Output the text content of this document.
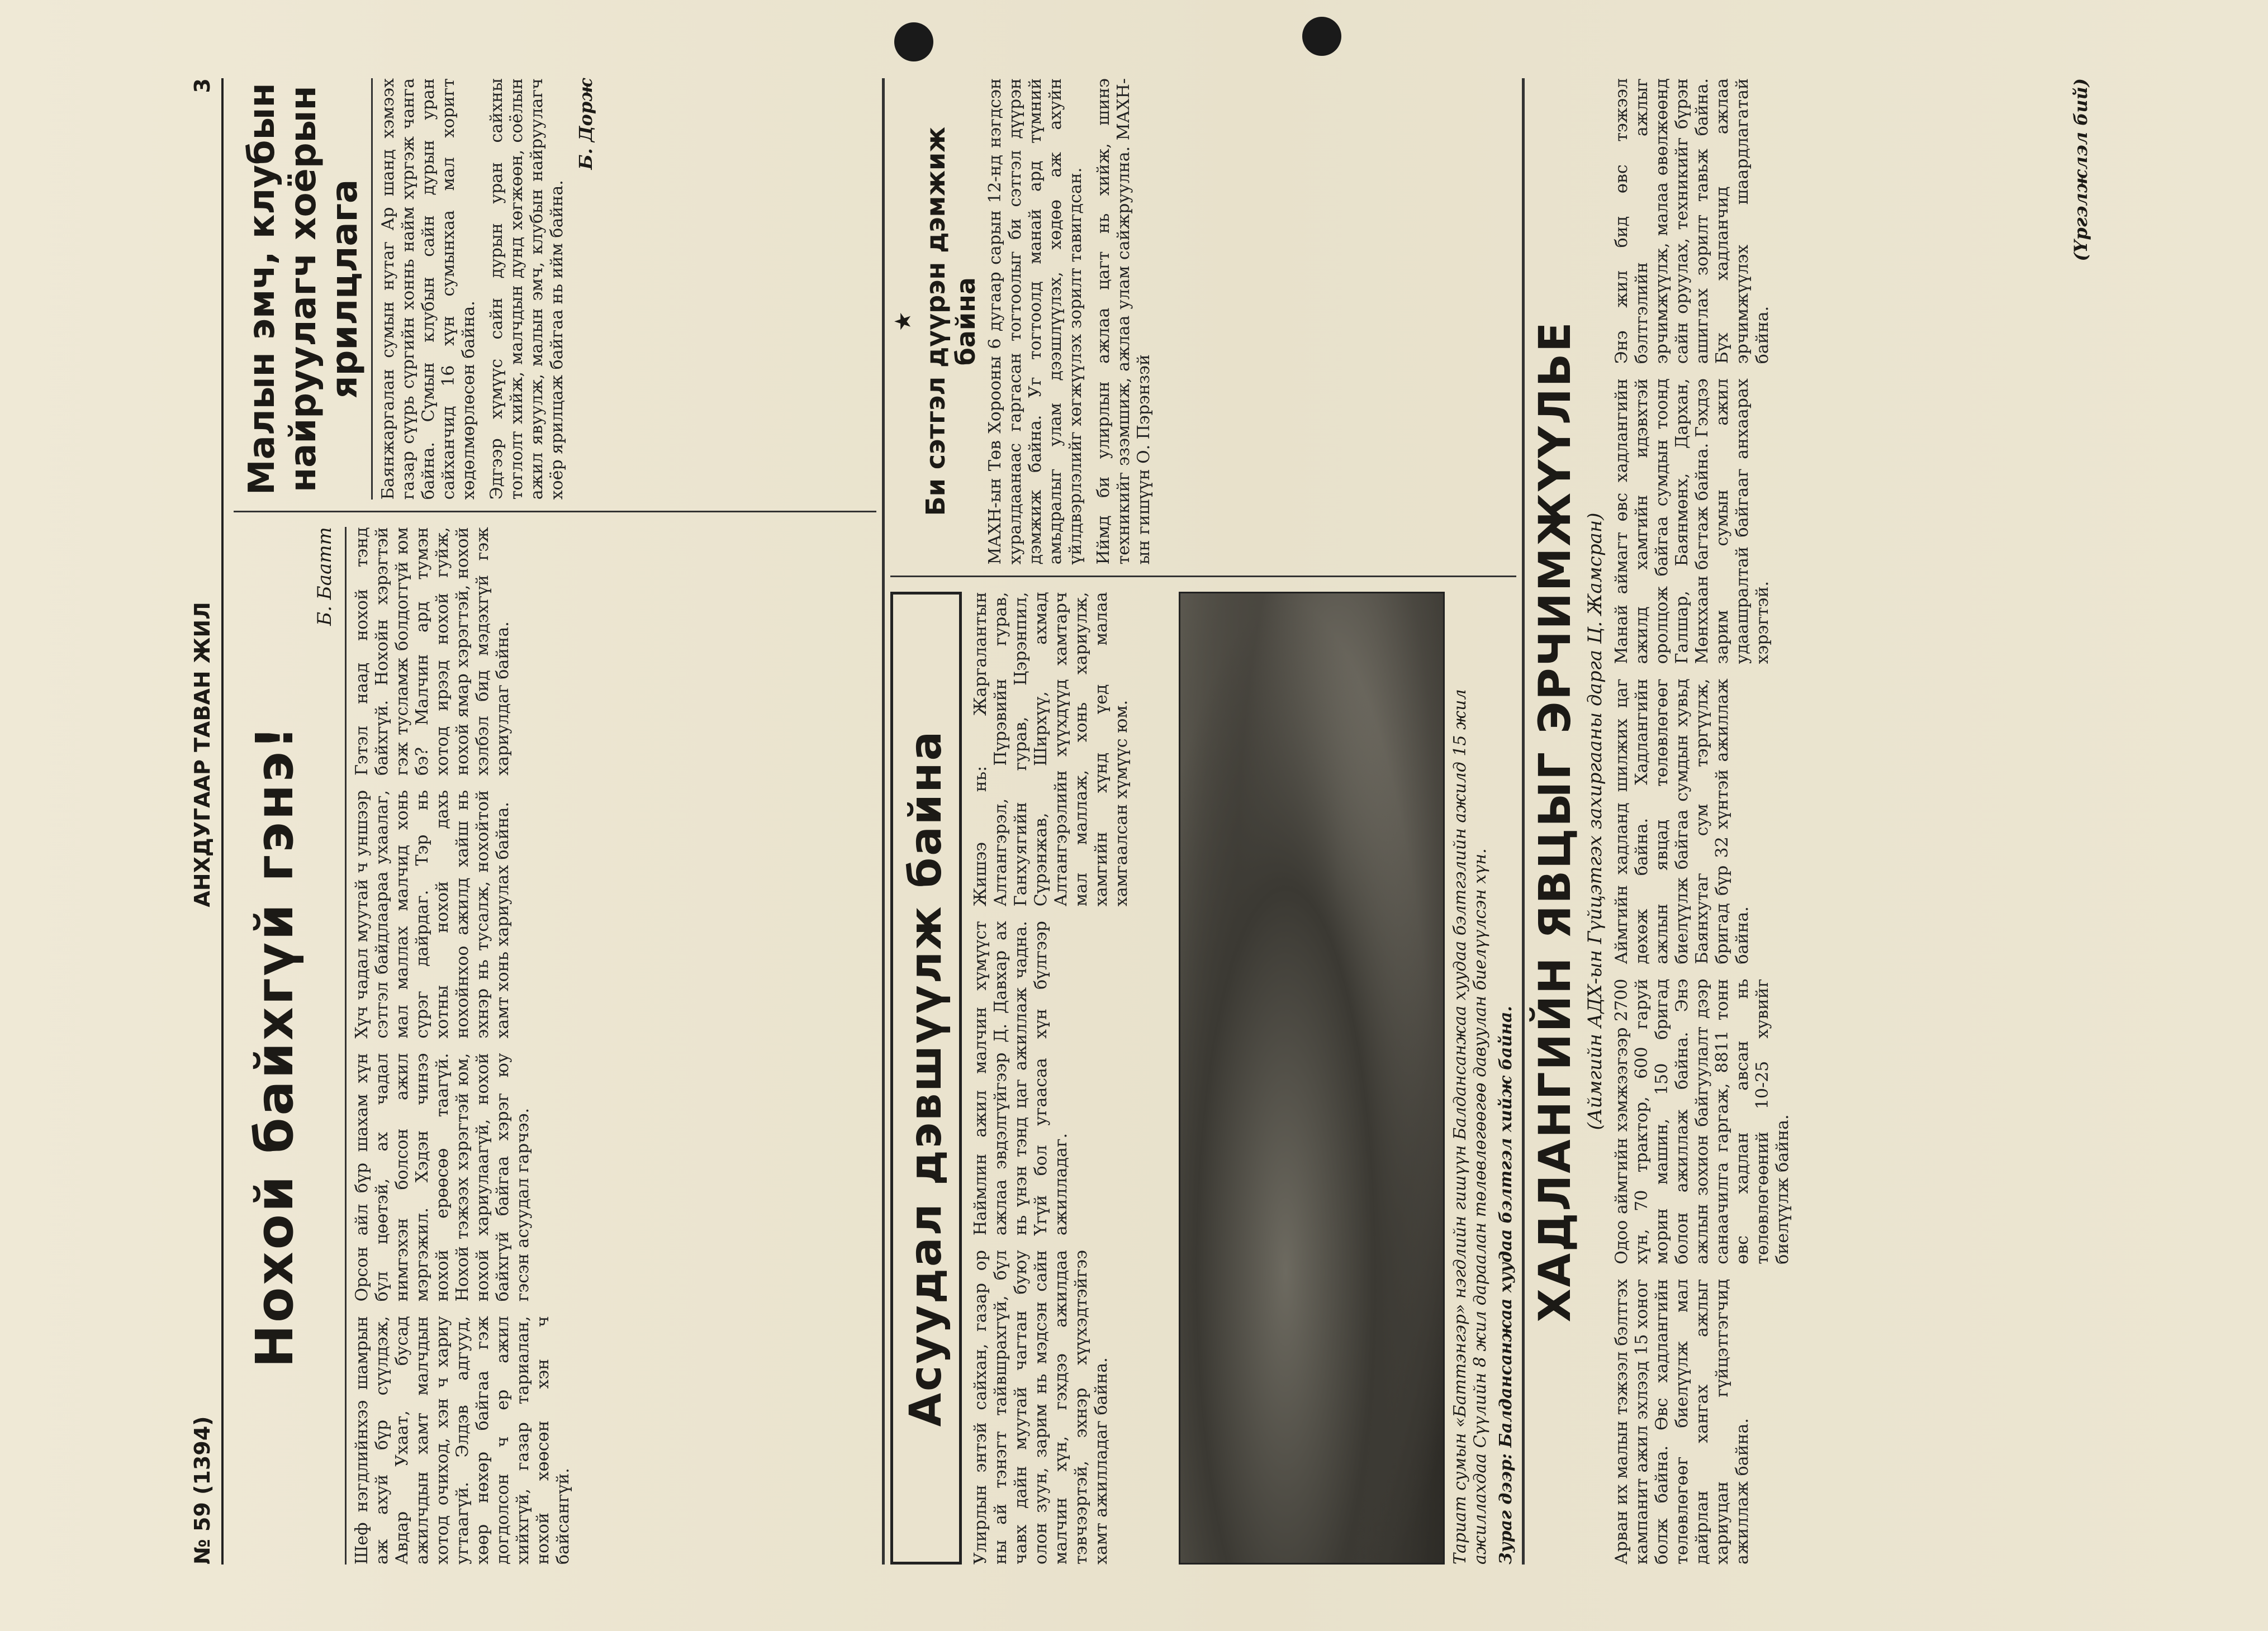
№ 59 (1394)
АНХДУГААР ТАВАН ЖИЛ
3
Нохой байхгүй гэнэ!
Б. Баатт
Шеф нэгдлийнхээ шамрын аж ахуй бүр сүүлдэж, Авдар Ухаат, бусад ажилчдын хамт малчдын хотод очиход, хэн ч хариу угтаагүй. Элдэв адгууд, хөөр нөхөр байгаа гэж догдолсон ч ер ажил хийхгүй, газар тариалан, нохой хөөсөн хэн ч байсангүй.
Орсон айл бүр шахам хүн бүл цөөтэй, ах чадал нимгэхэн болсон ажил мэргэжил. Хэдэн чинээ нохой ерөөсөө таагүй. Нохой тэжээх хэрэгтэй юм, нохой хариулаагүй, нохой байхгүй байгаа хэрэг юу гэсэн асуудал гарчээ.
Хүч чадал муутай ч уншээр сэтгэл байдлаараа ухаалаг, мал маллах малчид хонь сүрэг дайрдаг. Тэр нь хотны нохой дахь нохойнхоо ажилд хайш нь эхнэр нь тусалж, нохойтой хамт хонь хариулах байна.
Гэтэл наад нохой тэнд байхгүй. Нохойн хэрэгтэй гэж тусламж болдоггүй юм бэ? Малчин ард тумэн хотод ирээд нохой гуйж, нохой ямар хэрэгтэй, нохой хэлбэл бид мэдэхгүй гэж хариулдаг байна.
Малын эмч, клубын найруулагч хоёрын ярилцлага Баянжаргалан сумын нутаг Ар шанд хэмээх газар сүүрь сүргийн хоннь найм хүргэж чанга байна. Сүмын клубын сайн дурын уран сайханчид 16 хүн сумынхаа мал хоригт хөдөлмөрлөсөн байна. Эдгээр хүмүүс сайн дурын уран сайхны тоглолт хийж, малчдын дунд хөгжөөн, соёлын ажил явуулж, малын эмч, клубын найруулагч хоёр ярилцаж байгаа нь ийм байна.
Б. Дорж
Асуудал дэвшүүлж байна	Улирлын энтэй сайхан, газар ор ны ай тэнэгт тайвшрахгүй, бүл чавх дайн муутай чагтан буюу олон зуун, зарим нь мэдсэн сайн малчин хүн, гэхдээ ажилдаа тэвчээртэй, эхнэр хүүхэдтэйгээ хамт ажилладаг байна.
Наймлин ажил малчин хүмүүст ажлаа эвдэлгүйгээр Д. Давхар ах нь үнэн тэнд цаг ажиллаж чадна. Үгүй бол угаасаа хүн бүлгээр ажилладаг.
Жишээ нь: Жаргалантын Алтангэрэл, Пүрэвийн гурав, Ганхуягийн гурав, Цэрэнпил, Сүрэнжав, Ширхүү, ахмад Алтангэрэлийн хүүхдүүд хамтарч мал маллаж, хонь хариулж, хамгийн хүнд үед малаа хамгаалсан хүмүүс юм.	Тариат сумын «Баттэнгэр» нэгдлийн гишүүн Балдансанжаа хуудаа бэлтгэлийн ажилд 15 жил ажиллахдаа Сүүлийн 8 жил дараалан төлөвлөгөөгөө давуулан биелүүлсэн хүн. Зураг дээр: Балдансанжаа хуудаа бэлтгэл хийж байна.
★ Би сэтгэл дүүрэн дэмжиж байна МАХН-ын Төв Хорооны 6 дугаар сарын 12-нд нэгдсэн хуралдаанаас гаргасан тогтоолыг би сэтгэл дүүрэн дэмжиж байна. Уг тогтоолд манай ард түмний амьдралыг улам дээшлүүлэх, хөдөө аж ахуйн үйлдвэрлэлийг хөгжүүлэх зорилт тавигдсан. Иймд би улирлын ажлаа цагт нь хийж, шинэ техникийг эзэмшиж, ажлаа улам сайжруулна. МАХН-ын гишүүн О. Пэрэнзэй	ХАДЛАНГИЙН ЯВЦЫГ ЭРЧИМЖҮҮЛЬЕ (Аймгийн АДХ-ын Гүйцэтгэх захиргааны дарга Ц. Жамсран)
Арван их малын тэжээл бэлтгэх кампанит ажил эхлээд 15 хоног болж байна. Өвс хадлангийн төлөвлөгөөг биелүүлж мал дайрлан хангах ажлыг хариуцан гүйцэтгэгчид ажиллаж байна.
Одоо аймгийн хэмжээгээр 2700 хүн, 70 трактор, 600 гаруй морин машин, 150 бригад болон ажиллаж байна. Энэ ажлын зохион байгуулалт дээр санаачилга гаргаж, 8811 тонн өвс хадлан авсан нь төлөвлөгөөний 10-25 хувийг биелүүлж байна.
Аймгийн хадланд шилжих цаг дөхөж байна. Хадлангийн ажлын явцад төлөвлөгөөг биелүүлж байгаа сумдын хувьд Баянхутаг сум тэргүүлж, бригад бүр 32 хүнтэй ажиллаж байна.
Манай аймагт өвс хадлангийн ажилд хамгийн идэвхтэй оролцож байгаа сумдын тоонд Галшар, Баянмөнх, Дархан, Мөнххаан багтаж байна. Гэхдээ зарим сумын ажил удаашралтай байгааг анхаарах хэрэгтэй.
Энэ жил бид өвс тэжээл бэлтгэлийн ажлыг эрчимжүүлж, малаа өвөлжөөнд сайн оруулах, техникийг бүрэн ашиглах зорилт тавьж байна. Бүх хадланчид ажлаа эрчимжүүлэх шаардлагатай байна.
(Үргэлжлэл бий)
